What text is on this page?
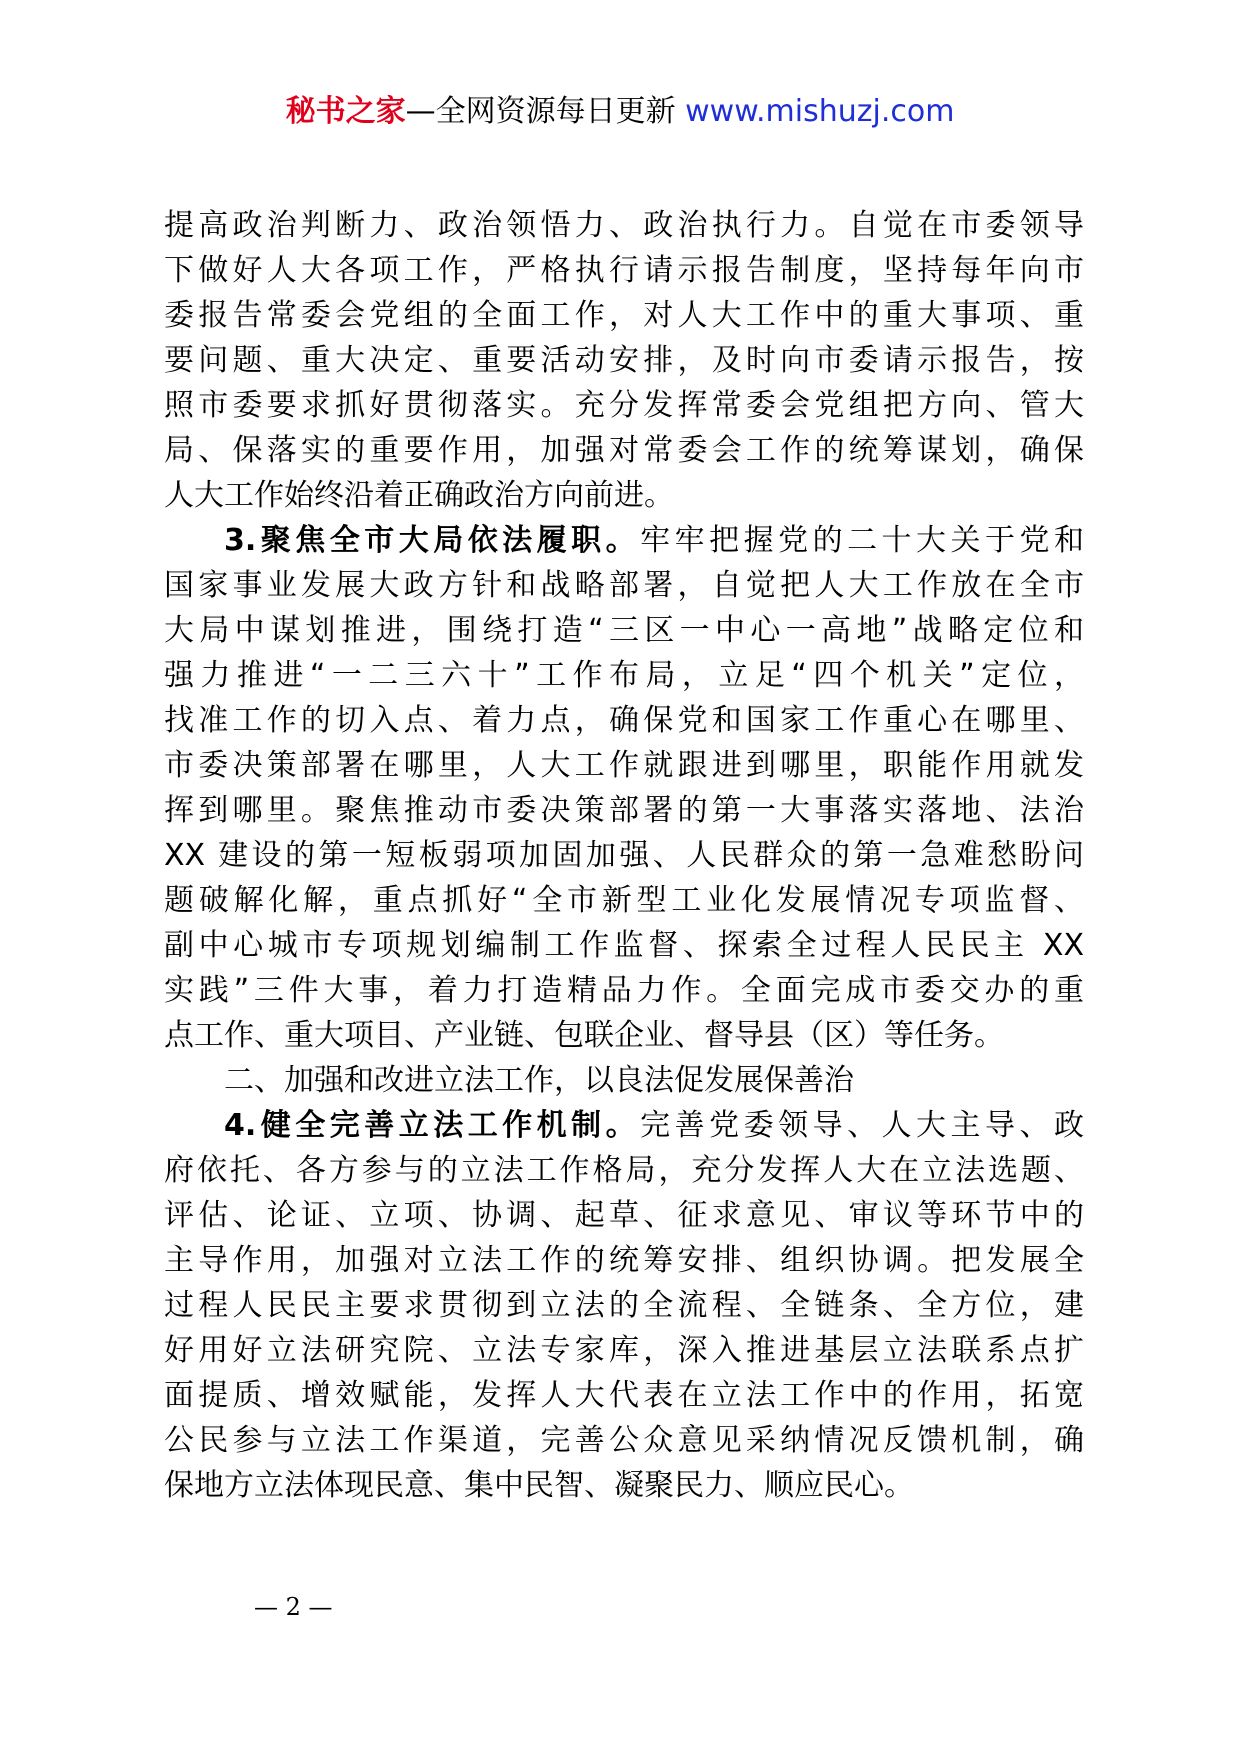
秘书之家—全网资源每日更新 www.mishuzj.com
提高政治判断力、政治领悟力、政治执行力。自觉在市委领导
下做好人大各项工作，严格执行请示报告制度，坚持每年向市
委报告常委会党组的全面工作，对人大工作中的重大事项、重
要问题、重大决定、重要活动安排，及时向市委请示报告，按
照市委要求抓好贯彻落实。充分发挥常委会党组把方向、管大
局、保落实的重要作用，加强对常委会工作的统筹谋划，确保
人大工作始终沿着正确政治方向前进。
3.聚焦全市大局依法履职。牢牢把握党的二十大关于党和
国家事业发展大政方针和战略部署，自觉把人大工作放在全市
大局中谋划推进，围绕打造“三区一中心一高地”战略定位和
强力推进“一二三六十”工作布局，立足“四个机关”定位，
找准工作的切入点、着力点，确保党和国家工作重心在哪里、
市委决策部署在哪里，人大工作就跟进到哪里，职能作用就发
挥到哪里。聚焦推动市委决策部署的第一大事落实落地、法治
XX 建设的第一短板弱项加固加强、人民群众的第一急难愁盼问
题破解化解，重点抓好“全市新型工业化发展情况专项监督、
副中心城市专项规划编制工作监督、探索全过程人民民主 XX
实践”三件大事，着力打造精品力作。全面完成市委交办的重
点工作、重大项目、产业链、包联企业、督导县（区）等任务。
二、加强和改进立法工作，以良法促发展保善治
4.健全完善立法工作机制。完善党委领导、人大主导、政
府依托、各方参与的立法工作格局，充分发挥人大在立法选题、
评估、论证、立项、协调、起草、征求意见、审议等环节中的
主导作用，加强对立法工作的统筹安排、组织协调。把发展全
过程人民民主要求贯彻到立法的全流程、全链条、全方位，建
好用好立法研究院、立法专家库，深入推进基层立法联系点扩
面提质、增效赋能，发挥人大代表在立法工作中的作用，拓宽
公民参与立法工作渠道，完善公众意见采纳情况反馈机制，确
保地方立法体现民意、集中民智、凝聚民力、顺应民心。
— 2 —
